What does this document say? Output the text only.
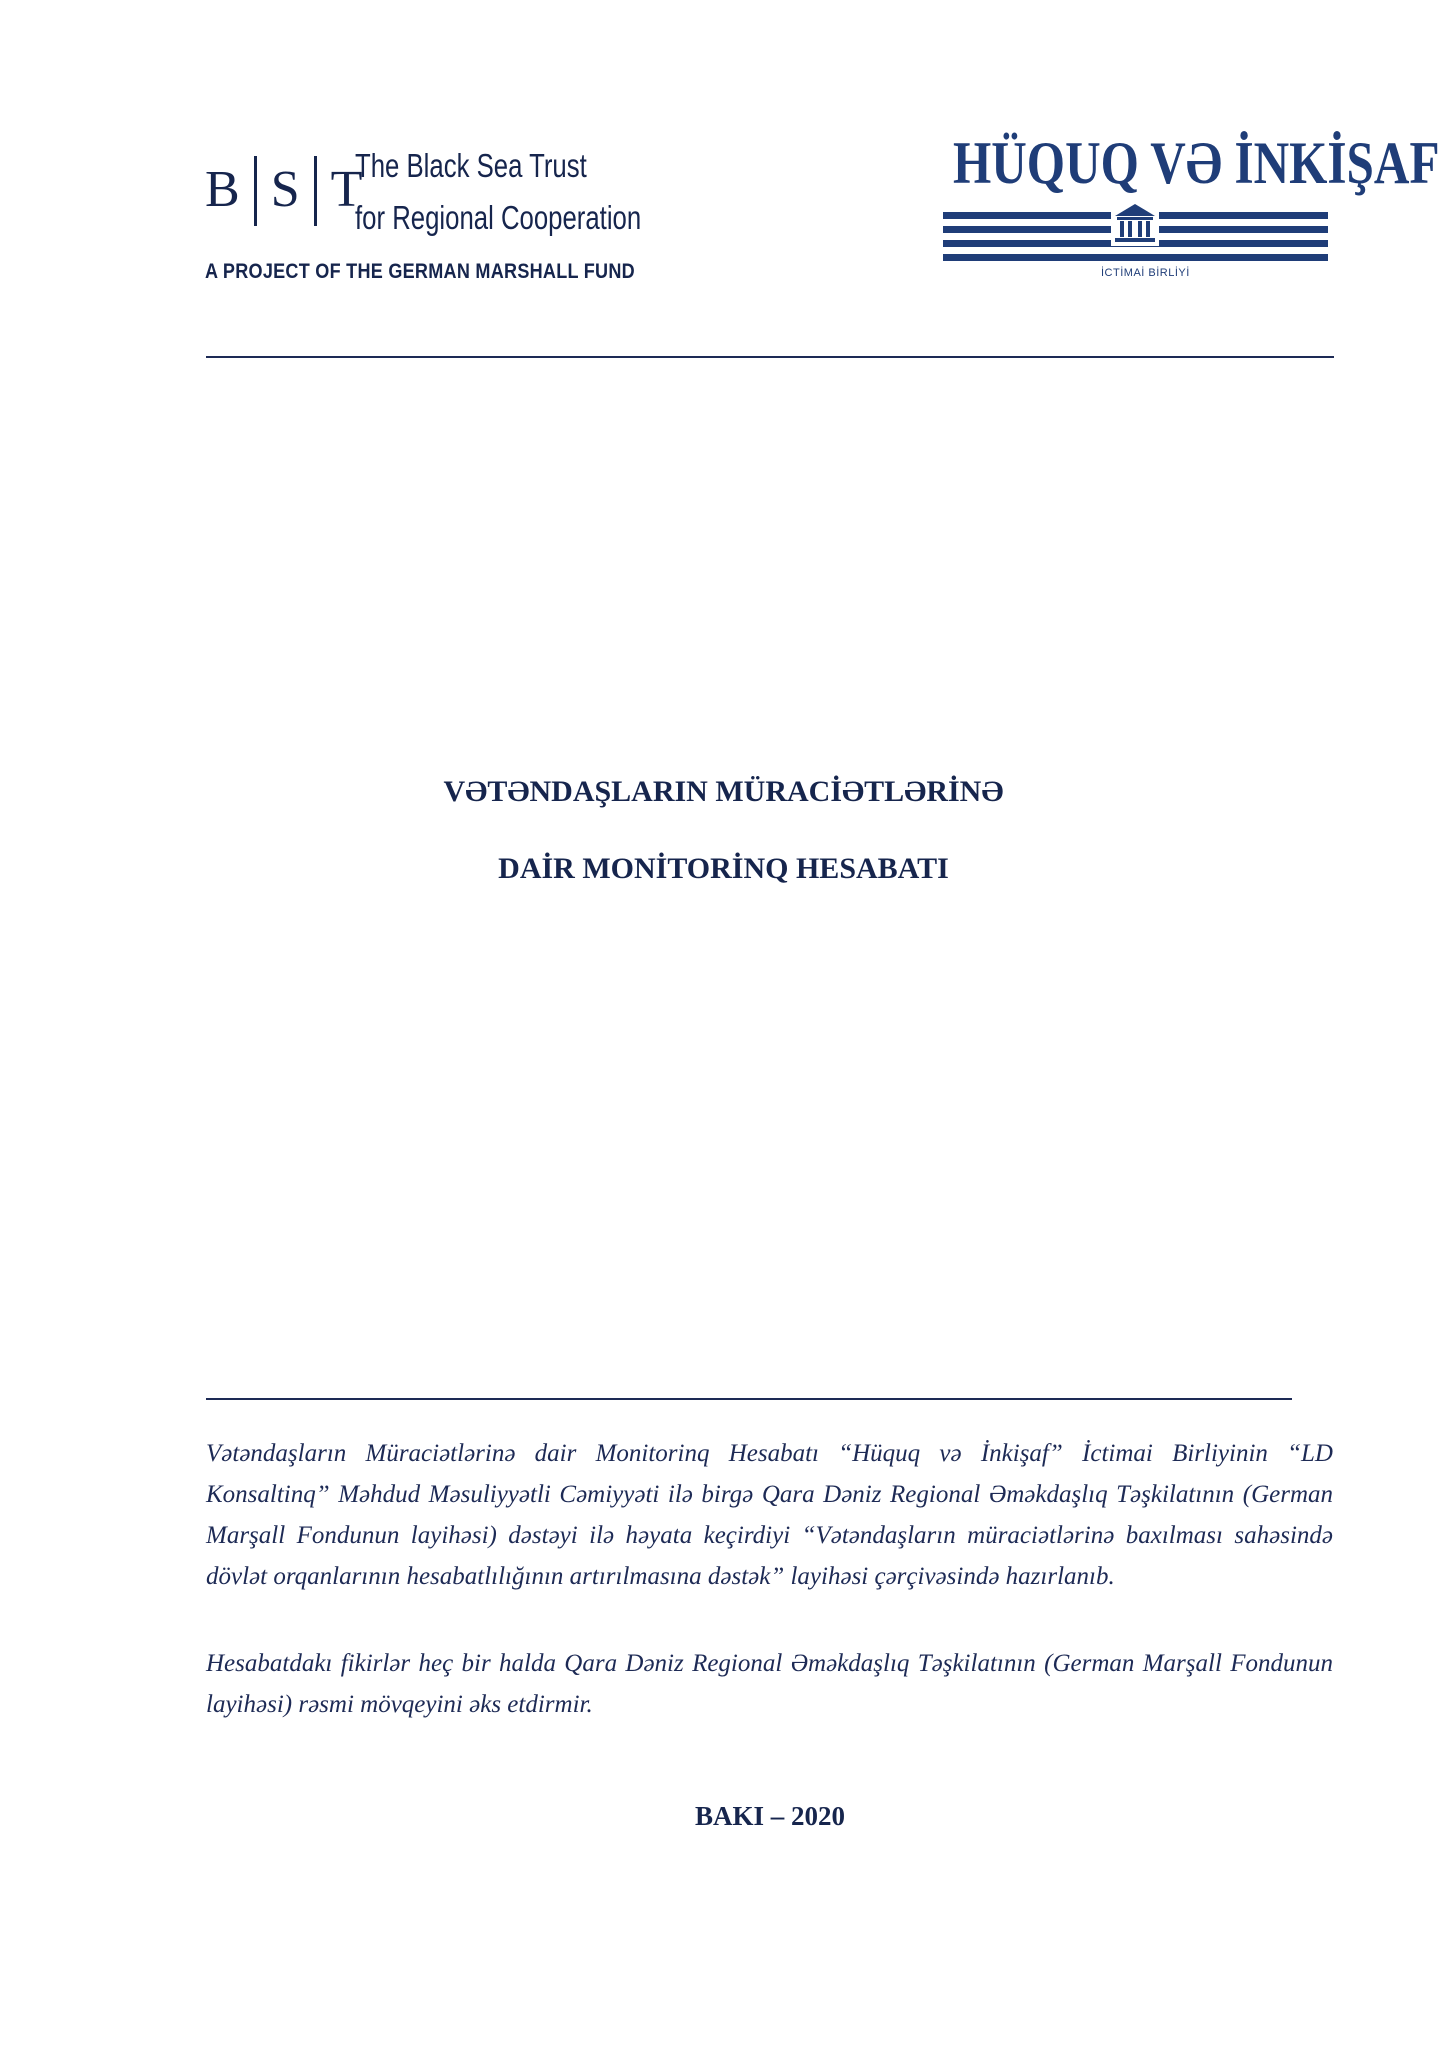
B S T
The Black Sea Trust
for Regional Cooperation
A PROJECT OF THE GERMAN MARSHALL FUND
HÜQUQ VƏ İNKİŞAF
İCTİMAİ BİRLİYİ
VƏTƏNDAŞLARIN MÜRACİƏTLƏRİNƏ
DAİR MONİTORİNQ HESABATI

Vətəndaşların Müraciətlərinə dair Monitorinq Hesabatı “Hüquq və İnkişaf” İctimai Birliyinin “LD Konsaltinq” Məhdud Məsuliyyətli Cəmiyyəti ilə birgə Qara Dəniz Regional Əməkdaşlıq Təşkilatının (German Marşall Fondunun layihəsi) dəstəyi ilə həyata keçirdiyi “Vətəndaşların müraciətlərinə baxılması sahəsində dövlət orqanlarının hesabatlılığının artırılmasına dəstək” layihəsi çərçivəsində hazırlanıb.

Hesabatdakı fikirlər heç bir halda Qara Dəniz Regional Əməkdaşlıq Təşkilatının (German Marşall Fondunun layihəsi) rəsmi mövqeyini əks etdirmir.

BAKI – 2020
